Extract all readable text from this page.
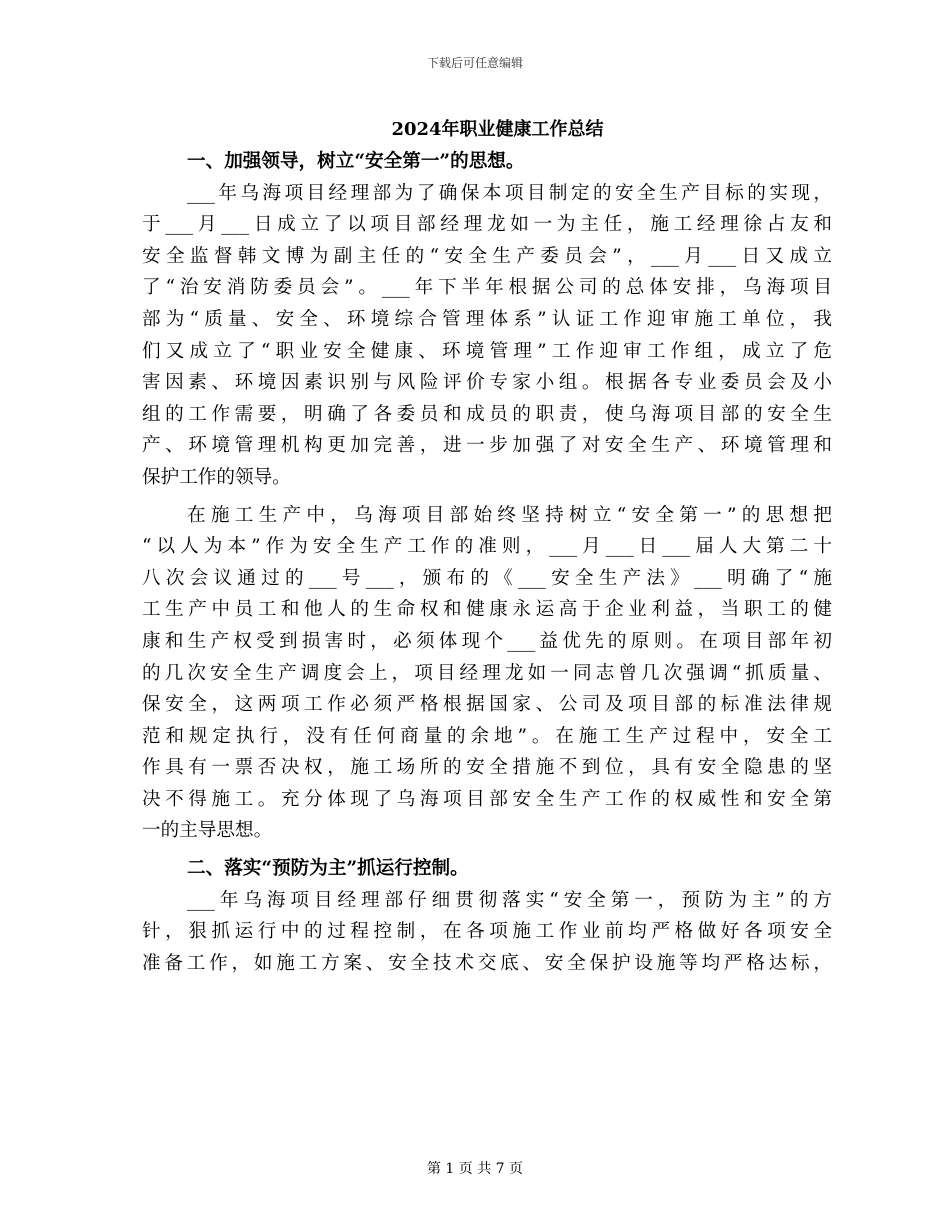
下载后可任意编辑
2024年职业健康工作总结
一、加强领导，树立“安全第一”的思想。
___年乌海项目经理部为了确保本项目制定的安全生产目标的实现，
于___月___日成立了以项目部经理龙如一为主任，施工经理徐占友和
安全监督韩文博为副主任的“安全生产委员会”，___月___日又成立
了“治安消防委员会”。___年下半年根据公司的总体安排，乌海项目
部为“质量、安全、环境综合管理体系”认证工作迎审施工单位，我
们又成立了“职业安全健康、环境管理”工作迎审工作组，成立了危
害因素、环境因素识别与风险评价专家小组。根据各专业委员会及小
组的工作需要，明确了各委员和成员的职责，使乌海项目部的安全生
产、环境管理机构更加完善，进一步加强了对安全生产、环境管理和
保护工作的领导。
在施工生产中，乌海项目部始终坚持树立“安全第一”的思想把
“以人为本”作为安全生产工作的准则，___月___日___届人大第二十
八次会议通过的___号___，颁布的《___安全生产法》___明确了“施
工生产中员工和他人的生命权和健康永运高于企业利益，当职工的健
康和生产权受到损害时，必须体现个___益优先的原则。在项目部年初
的几次安全生产调度会上，项目经理龙如一同志曾几次强调“抓质量、
保安全，这两项工作必须严格根据国家、公司及项目部的标准法律规
范和规定执行，没有任何商量的余地”。在施工生产过程中，安全工
作具有一票否决权，施工场所的安全措施不到位，具有安全隐患的坚
决不得施工。充分体现了乌海项目部安全生产工作的权威性和安全第
一的主导思想。
二、落实“预防为主”抓运行控制。
___年乌海项目经理部仔细贯彻落实“安全第一，预防为主”的方
针，狠抓运行中的过程控制，在各项施工作业前均严格做好各项安全
准备工作，如施工方案、安全技术交底、安全保护设施等均严格达标，
第 1 页 共 7 页
